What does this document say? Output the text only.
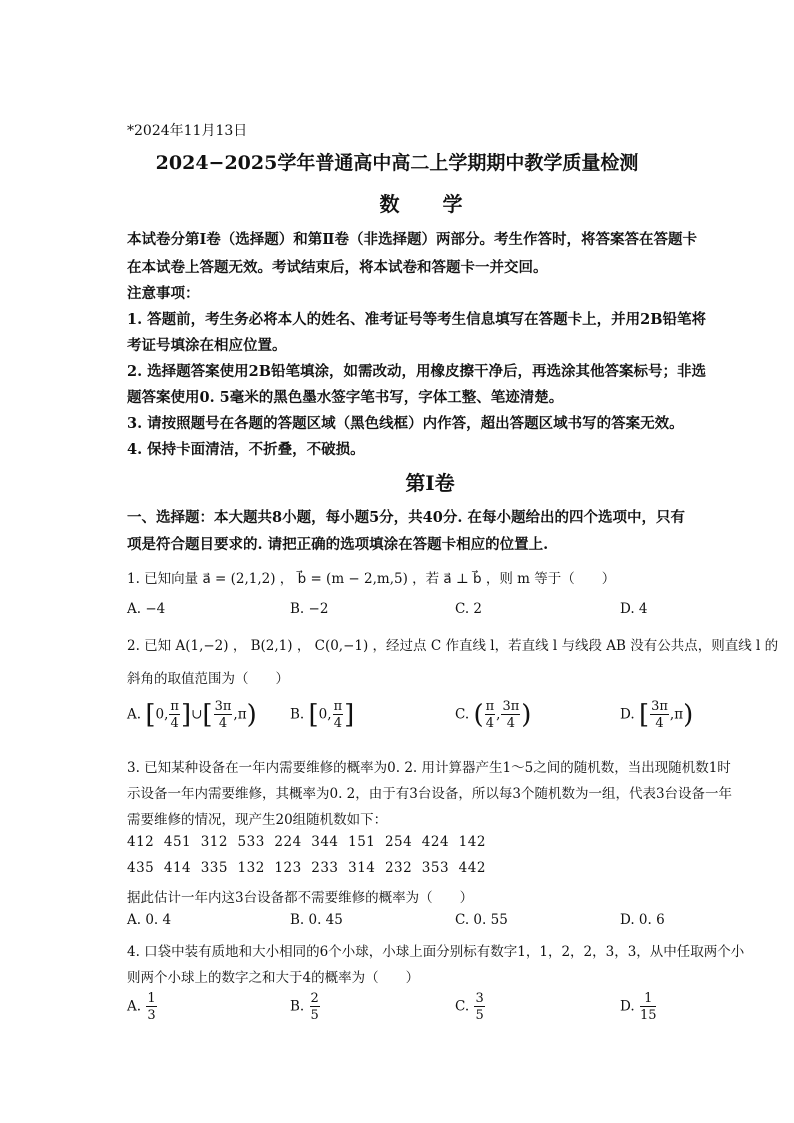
*2024年11月13日
2024−2025学年普通高中高二上学期期中教学质量检测
数 学
本试卷分第Ⅰ卷（选择题）和第Ⅱ卷（非选择题）两部分。考生作答时，将答案答在答题卡
在本试卷上答题无效。考试结束后，将本试卷和答题卡一并交回。
注意事项：
1. 答题前，考生务必将本人的姓名、准考证号等考生信息填写在答题卡上，并用2B铅笔将
考证号填涂在相应位置。
2. 选择题答案使用2B铅笔填涂，如需改动，用橡皮擦干净后，再选涂其他答案标号；非选
题答案使用0. 5毫米的黑色墨水签字笔书写，字体工整、笔迹清楚。
3. 请按照题号在各题的答题区域（黑色线框）内作答，超出答题区域书写的答案无效。
4. 保持卡面清洁，不折叠，不破损。
第Ⅰ卷
一、选择题：本大题共8小题，每小题5分，共40分. 在每小题给出的四个选项中，只有
项是符合题目要求的. 请把正确的选项填涂在答题卡相应的位置上.
1. 已知向量 a⃗ = (2,1,2) ， b⃗ = (m − 2,m,5) ，若 a⃗ ⊥ b⃗ ，则 m 等于（　　）
A. −4	B. −2	C. 2	D. 4
2. 已知 A(1,−2) ， B(2,1) ， C(0,−1) ，经过点 C 作直线 l，若直线 l 与线段 AB 没有公共点，则直线 l 的
斜角的取值范围为（　　）
A. [0, $\frac{\pi}{4}$ ]∪[ $\frac{3\pi}{4} ,\pi$) B. [0, $\frac{\pi}{4}$ ]	C. ( $\frac{\pi}{4}$ , $\frac{3\pi}{4}$ )	D. [ $\frac{3\pi}{4} ,\pi$)
3. 已知某种设备在一年内需要维修的概率为0. 2. 用计算器产生1～5之间的随机数，当出现随机数1时
示设备一年内需要维修，其概率为0. 2，由于有3台设备，所以每3个随机数为一组，代表3台设备一年
需要维修的情况，现产生20组随机数如下：
412  451  312  533  224  344  151  254  424  142
435  414  335  132  123  233  314  232  353  442
据此估计一年内这3台设备都不需要维修的概率为（　　）
A. 0. 4	B. 0. 45	C. 0. 55	D. 0. 6
4. 口袋中装有质地和大小相同的6个小球，小球上面分别标有数字1，1，2，2，3，3，从中任取两个小
则两个小球上的数字之和大于4的概率为（　　）
A. $\frac{1}{3}$	B. $\frac{2}{5}$	C. $\frac{3}{5}$	D. $\frac{1}{15}$
